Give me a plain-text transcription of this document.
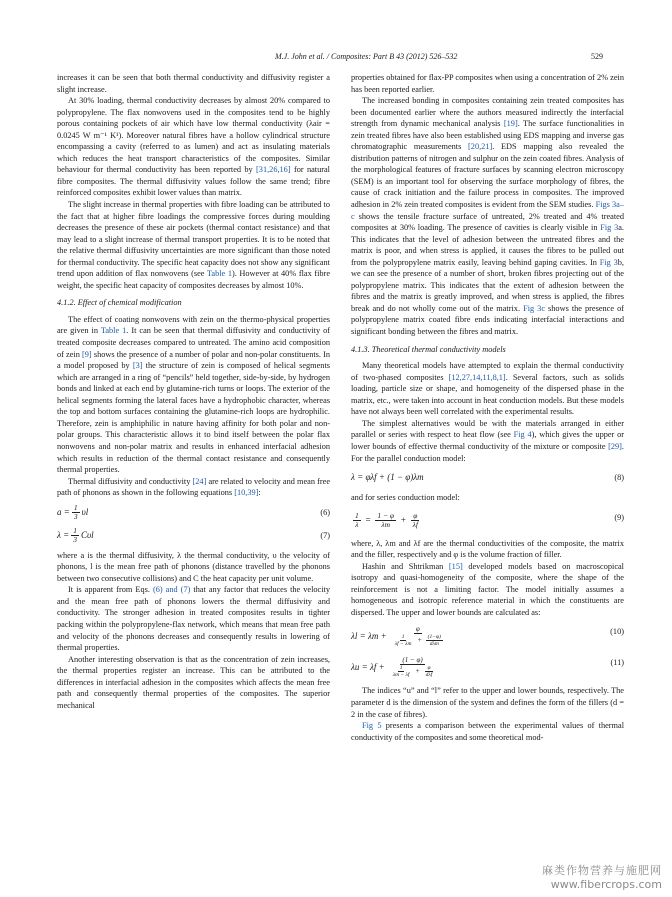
M.J. John et al. / Composites: Part B 43 (2012) 526–532	529

increases it can be seen that both thermal conductivity and diffusivity register a slight increase.

At 30% loading, thermal conductivity decreases by almost 20% compared to polypropylene. The flax nonwovens used in the composites tend to be highly porous containing pockets of air which have low thermal conductivity (λair = 0.0245 W m⁻¹ K¹). Moreover natural fibres have a hollow cylindrical structure encompassing a cavity (referred to as lumen) and act as insulating materials which reduces the heat transport characteristics of the composites. Similar behaviour for thermal conductivity has been reported by [31,26,16] for natural fibre composites. The thermal diffusivity values follow the same trend; fibre reinforced composites exhibit lower values than matrix.

The slight increase in thermal properties with fibre loading can be attributed to the fact that at higher fibre loadings the compressive forces during moulding decreases the presence of these air pockets (thermal contact resistance) and that may lead to a slight increase of thermal transport properties. It is to be noted that the relative thermal diffusivity uncertainties are more significant than those noted for thermal conductivity. The specific heat capacity does not show any significant trend upon addition of flax nonwovens (see Table 1). However at 40% flax fibre weight, the specific heat capacity of composites decreases by almost 10%.

4.1.2. Effect of chemical modification

The effect of coating nonwovens with zein on the thermo-physical properties are given in Table 1. It can be seen that thermal diffusivity and conductivity of treated composite decreases compared to untreated. The amino acid composition of zein [9] shows the presence of a number of polar and non-polar constituents. In a model proposed by [3] the structure of zein is composed of helical segments which are arranged in a ring of “pencils” held together, side-by-side, by hydrogen bonds and linked at each end by glutamine-rich turns or loops. The exterior of the helical segments forming the lateral faces have a hydrophobic character, whereas the top and bottom surfaces containing the glutamine-rich loops are hydrophilic. Therefore, zein is amphiphilic in nature having affinity for both polar and non-polar groups. This characteristic allows it to bind itself between the polar flax nonwovens and non-polar matrix and results in enhanced interfacial adhesion which results in reduction of the thermal contact resistance and consequently thermal properties.

Thermal diffusivity and conductivity [24] are related to velocity and mean free path of phonons as shown in the following equations [10,39]:

$a = \frac{1}{3}$ υl	(6)
$\lambda = \frac{1}{3}$ Cυl	(7)

where a is the thermal diffusivity, λ the thermal conductivity, υ the velocity of phonons, l is the mean free path of phonons (distance travelled by the phonons between two consecutive collisions) and C the heat capacity per unit volume.

It is apparent from Eqs. (6) and (7) that any factor that reduces the velocity and the mean free path of phonons lowers the thermal diffusivity and conductivity. The stronger adhesion in treated composites results in tighter packing within the polypropylene-flax network, which means that mean free path and velocity of the phonons decreases and consequently results in lowering of thermal properties.

Another interesting observation is that as the concentration of zein increases, the thermal properties register an increase. This can be attributed to the differences in interfacial adhesion in the composites which affects the mean free path and consequently thermal properties of the composites. The superior mechanical

properties obtained for flax-PP composites when using a concentration of 2% zein has been reported earlier.

The increased bonding in composites containing zein treated composites has been documented earlier where the authors measured indirectly the interfacial strength from dynamic mechanical analysis [19]. The surface functionalities in zein treated fibres have also been established using EDS mapping and inverse gas chromatographic measurements [20,21]. EDS mapping also revealed the distribution patterns of nitrogen and sulphur on the zein coated fibres. Analysis of the morphological features of fracture surfaces by scanning electron microscopy (SEM) is an important tool for observing the surface morphology of fibres, the cause of crack initiation and the failure process in composites. The improved adhesion in 2% zein treated composites is evident from the SEM studies. Figs 3a–c shows the tensile fracture surface of untreated, 2% treated and 4% treated composites at 30% loading. The presence of cavities is clearly visible in Fig 3a. This indicates that the level of adhesion between the untreated fibres and the matrix is poor, and when stress is applied, it causes the fibres to be pulled out from the polypropylene matrix easily, leaving behind gaping cavities. In Fig 3b, we can see the presence of a number of short, broken fibres projecting out of the polypropylene matrix. This indicates that the extent of adhesion between the fibres and the matrix is greatly improved, and when stress is applied, the fibres break and do not wholly come out of the matrix. Fig 3c shows the presence of polypropylene matrix coated fibre ends indicating interfacial interactions and significant bonding between the fibres and matrix.

4.1.3. Theoretical thermal conductivity models

Many theoretical models have attempted to explain the thermal conductivity of two-phased composites [12,27,14,11,8,1]. Several factors, such as solids loading, particle size or shape, and homogeneity of the dispersed phase in the matrix, etc., were taken into account in heat conduction models. But these models have not always been well correlated with the experimental results.

The simplest alternatives would be with the materials arranged in either parallel or series with respect to heat flow (see Fig 4), which gives the upper or lower bounds of effective thermal conductivity of the mixture or composite [29]. For the parallel conduction model:

λ = φλf + (1 − φ)λm	(8)

and for series conduction model:

$\frac{1}{\lambda} = \frac{1 - \varphi}{\lambda m} + \frac{\varphi}{\lambda f}$	(9)

where, λ, λm and λf are the thermal conductivities of the composite, the matrix and the filler, respectively and φ is the volume fraction of filler.

Hashin and Shtrikman [15] developed models based on macroscopical isotropy and quasi-homogeneity of the composite, where the shape of the reinforcement is not a limiting factor. The model initially assumes a homogeneous and isotropic reference material in which the constituents are dispersed. The upper and lower bounds are calculated as:

$\lambda l = \lambda m + \frac{\varphi}{\frac{1}{\lambda f - \lambda m} + \frac{(1-\varphi)}{\text{dλm}}}$	(10)
$\lambda u = \lambda f + \frac{(1 - \varphi)}{\frac{1}{\lambda m - \lambda f} + \frac{\varphi}{\text{dλf}}}$	(11)

The indices “u” and “l” refer to the upper and lower bounds, respectively. The parameter d is the dimension of the system and defines the form of the fillers (d = 2 in the case of fibres).

Fig 5 presents a comparison between the experimental values of thermal conductivity of the composites and some theoretical mod-

麻类作物营养与施肥网
www.fibercrops.com
